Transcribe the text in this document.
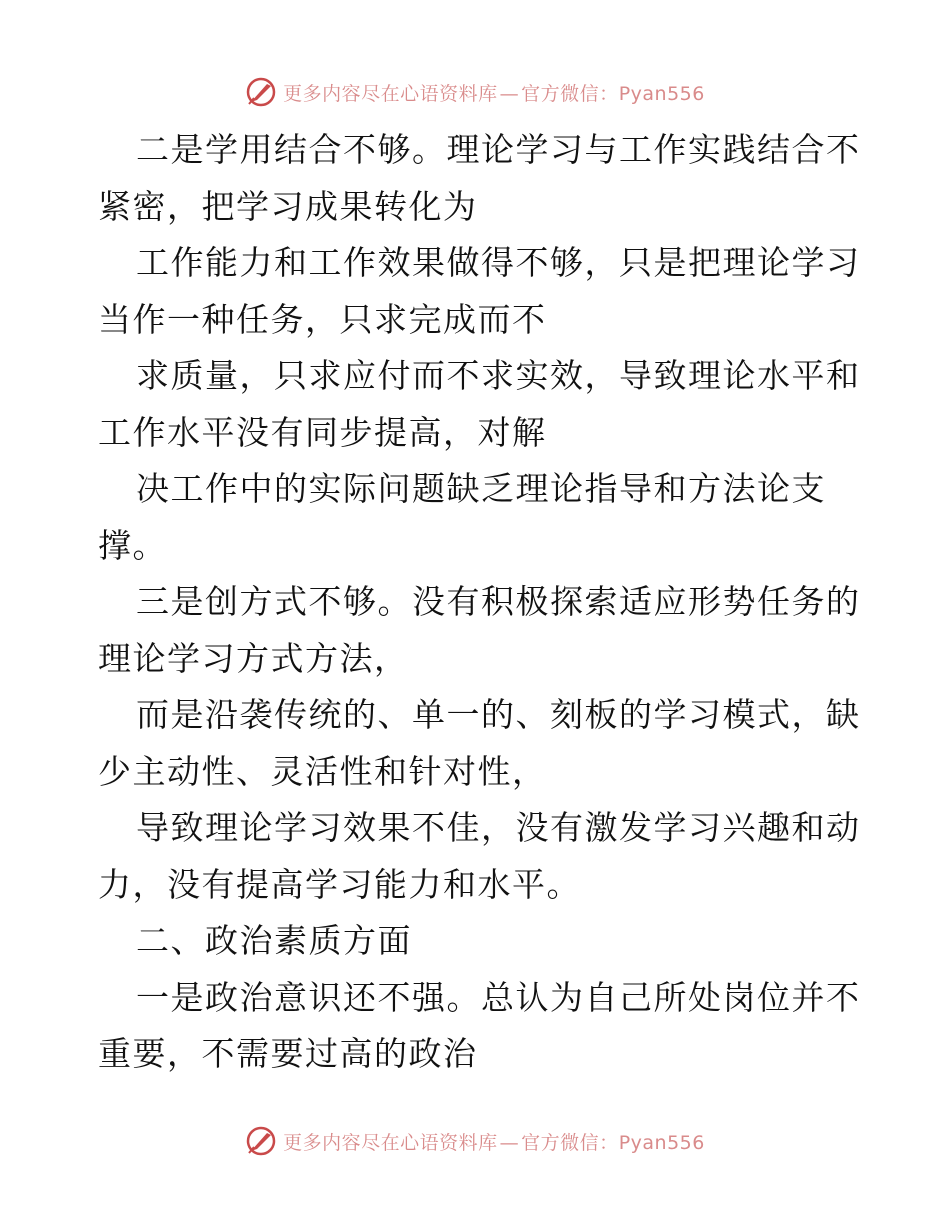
更多内容尽在心语资料库 — 官方微信：Pyan556
二是学用结合不够。理论学习与工作实践结合不
紧密，把学习成果转化为
工作能力和工作效果做得不够，只是把理论学习
当作一种任务，只求完成而不
求质量，只求应付而不求实效，导致理论水平和
工作水平没有同步提高，对解
决工作中的实际问题缺乏理论指导和方法论支
撑。
三是创方式不够。没有积极探索适应形势任务的
理论学习方式方法，
而是沿袭传统的、单一的、刻板的学习模式，缺
少主动性、灵活性和针对性，
导致理论学习效果不佳，没有激发学习兴趣和动
力，没有提高学习能力和水平。
二、政治素质方面
一是政治意识还不强。总认为自己所处岗位并不
重要，不需要过高的政治
更多内容尽在心语资料库 — 官方微信：Pyan556
